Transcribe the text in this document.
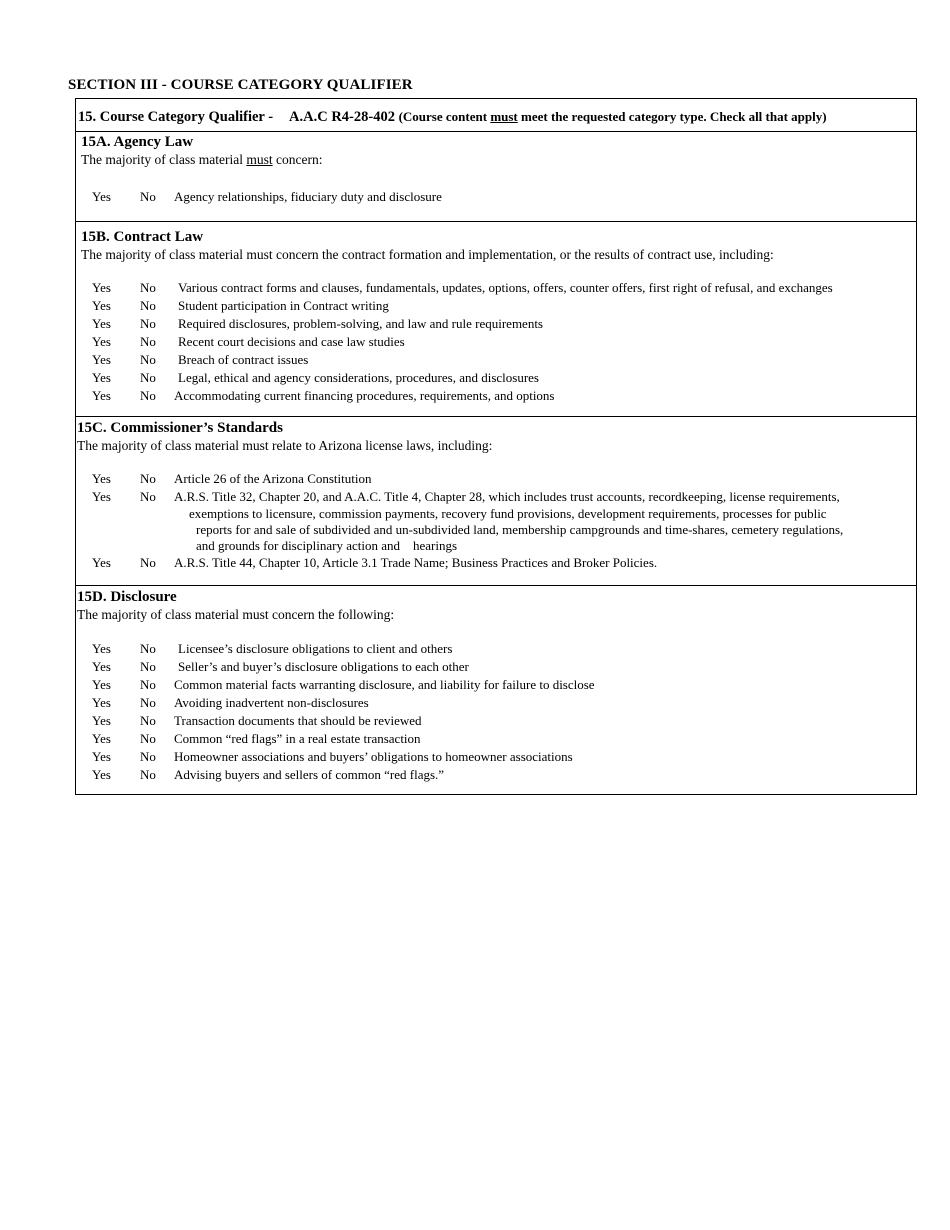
SECTION III - COURSE CATEGORY QUALIFIER
15. Course Category Qualifier - A.A.C R4-28-402 (Course content must meet the requested category type. Check all that apply)
15A. Agency Law
The majority of class material must concern:
Yes No Agency relationships, fiduciary duty and disclosure
15B. Contract Law
The majority of class material must concern the contract formation and implementation, or the results of contract use, including:
Yes No Various contract forms and clauses, fundamentals, updates, options, offers, counter offers, first right of refusal, and exchanges
Yes No Student participation in Contract writing
Yes No Required disclosures, problem-solving, and law and rule requirements
Yes No Recent court decisions and case law studies
Yes No Breach of contract issues
Yes No Legal, ethical and agency considerations, procedures, and disclosures
Yes No Accommodating current financing procedures, requirements, and options
15C. Commissioner’s Standards
The majority of class material must relate to Arizona license laws, including:
Yes No Article 26 of the Arizona Constitution
Yes No A.R.S. Title 32, Chapter 20, and A.A.C. Title 4, Chapter 28, which includes trust accounts, recordkeeping, license requirements,
exemptions to licensure, commission payments, recovery fund provisions, development requirements, processes for public
reports for and sale of subdivided and un-subdivided land, membership campgrounds and time-shares, cemetery regulations,
and grounds for disciplinary action and    hearings
Yes No A.R.S. Title 44, Chapter 10, Article 3.1 Trade Name; Business Practices and Broker Policies.
15D. Disclosure
The majority of class material must concern the following:
Yes No Licensee’s disclosure obligations to client and others
Yes No Seller’s and buyer’s disclosure obligations to each other
Yes No Common material facts warranting disclosure, and liability for failure to disclose
Yes No Avoiding inadvertent non-disclosures
Yes No Transaction documents that should be reviewed
Yes No Common “red flags” in a real estate transaction
Yes No Homeowner associations and buyers’ obligations to homeowner associations
Yes No Advising buyers and sellers of common “red flags.”
